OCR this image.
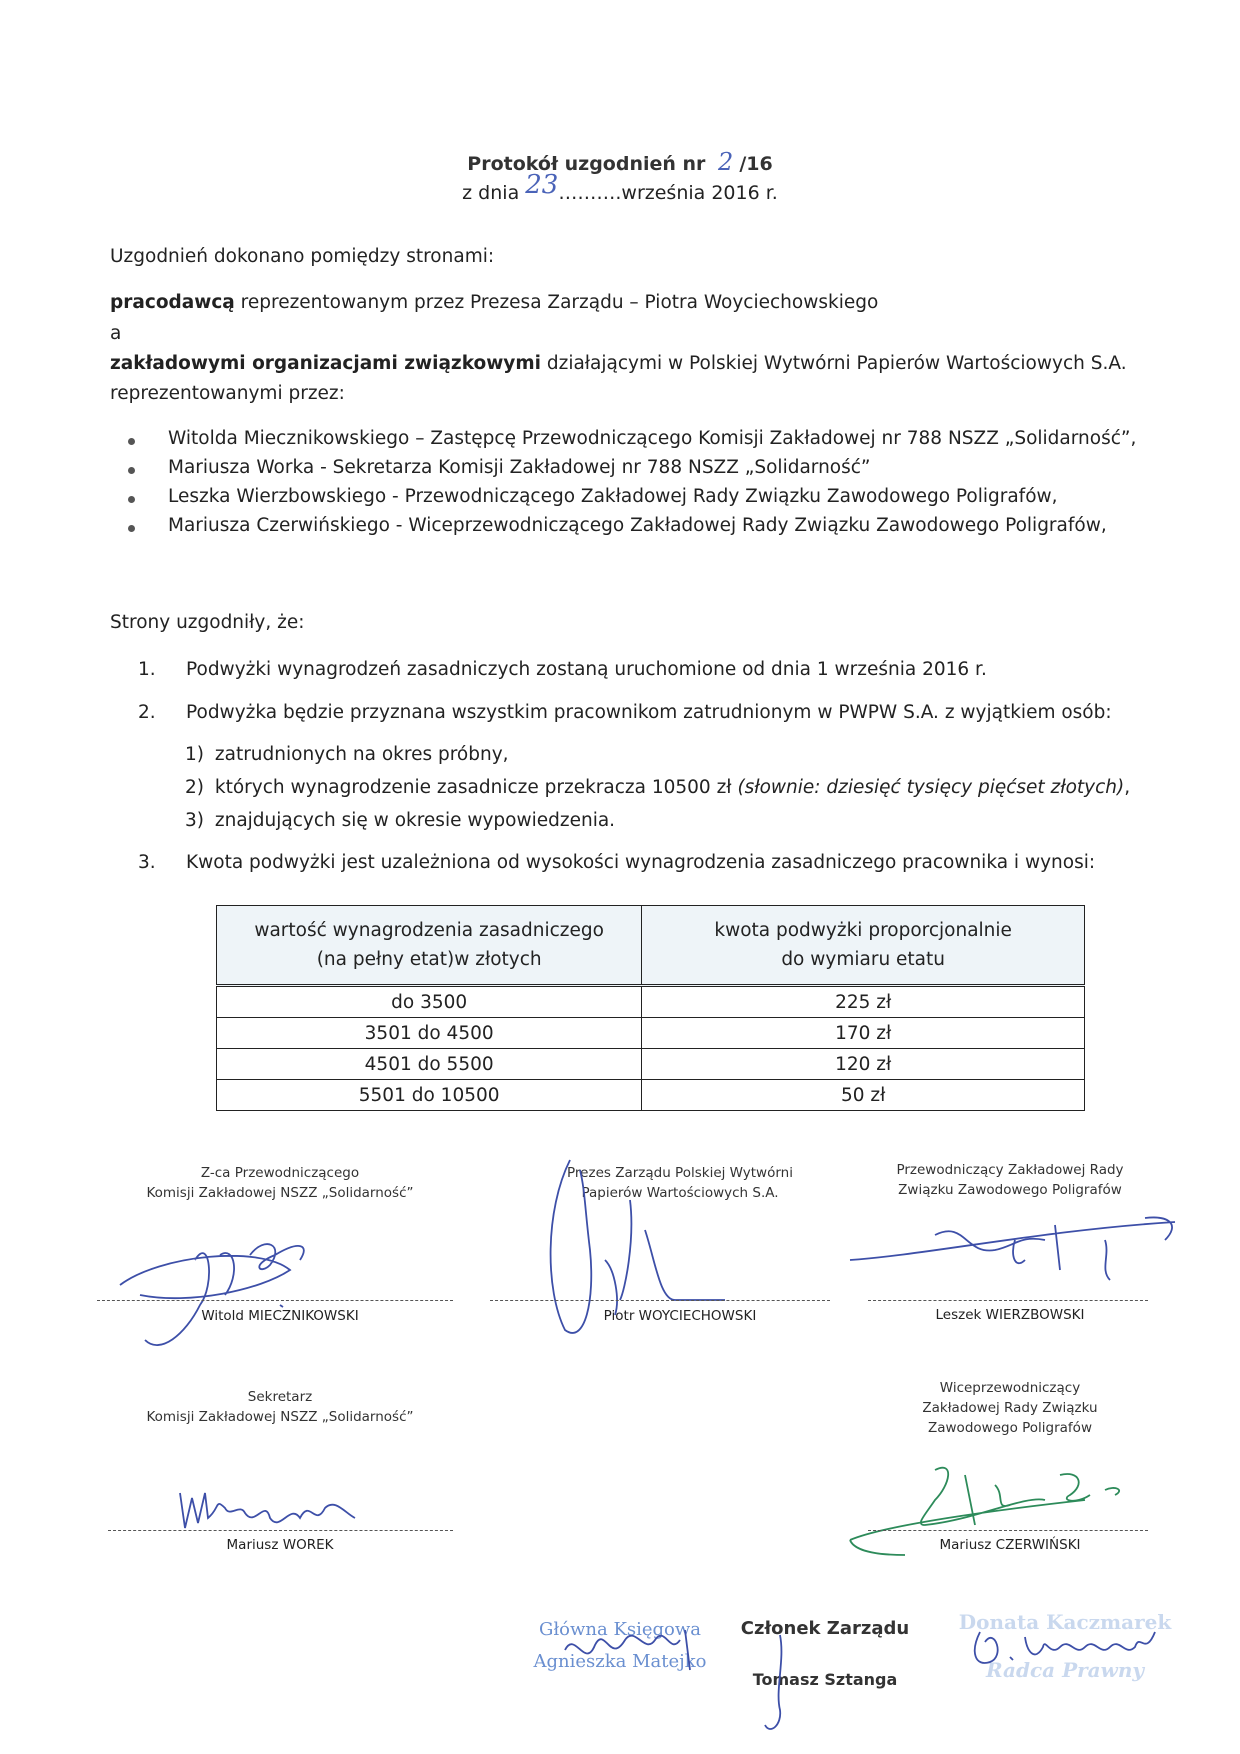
Protokół uzgodnień nr 2 /16
z dnia 23……….września 2016 r.
Uzgodnień dokonano pomiędzy stronami:
pracodawcą reprezentowanym przez Prezesa Zarządu – Piotra Woyciechowskiego
a
zakładowymi organizacjami związkowymi działającymi w Polskiej Wytwórni Papierów Wartościowych S.A.
reprezentowanymi przez:
Witolda Miecznikowskiego – Zastępcę Przewodniczącego Komisji Zakładowej nr 788 NSZZ „Solidarność”,
Mariusza Worka - Sekretarza Komisji Zakładowej nr 788 NSZZ „Solidarność”
Leszka Wierzbowskiego - Przewodniczącego Zakładowej Rady Związku Zawodowego Poligrafów,
Mariusza Czerwińskiego - Wiceprzewodniczącego Zakładowej Rady Związku Zawodowego Poligrafów,
Strony uzgodniły, że:
1. Podwyżki wynagrodzeń zasadniczych zostaną uruchomione od dnia 1 września 2016 r.
2. Podwyżka będzie przyznana wszystkim pracownikom zatrudnionym w PWPW S.A. z wyjątkiem osób:
1) zatrudnionych na okres próbny,
2) których wynagrodzenie zasadnicze przekracza 10500 zł (słownie: dziesięć tysięcy pięćset złotych),
3) znajdujących się w okresie wypowiedzenia.
3. Kwota podwyżki jest uzależniona od wysokości wynagrodzenia zasadniczego pracownika i wynosi:
wartość wynagrodzenia zasadniczego
(na pełny etat)w złotych	kwota podwyżki proporcjonalnie
do wymiaru etatu
do 3500	225 zł
3501 do 4500	170 zł
4501 do 5500	120 zł
5501 do 10500	50 zł
Z-ca Przewodniczącego
Komisji Zakładowej NSZZ „Solidarność”
Witold MIECZNIKOWSKI
Prezes Zarządu Polskiej Wytwórni
Papierów Wartościowych S.A.
Piotr WOYCIECHOWSKI
Przewodniczący Zakładowej Rady
Związku Zawodowego Poligrafów
Leszek WIERZBOWSKI
Sekretarz
Komisji Zakładowej NSZZ „Solidarność”
Mariusz WOREK
Wiceprzewodniczący
Zakładowej Rady Związku
Zawodowego Poligrafów
Mariusz CZERWIŃSKI
Główna Księgowa
Agnieszka Matejko
Członek Zarządu
Tomasz Sztanga
Donata Kaczmarek
Radca Prawny
